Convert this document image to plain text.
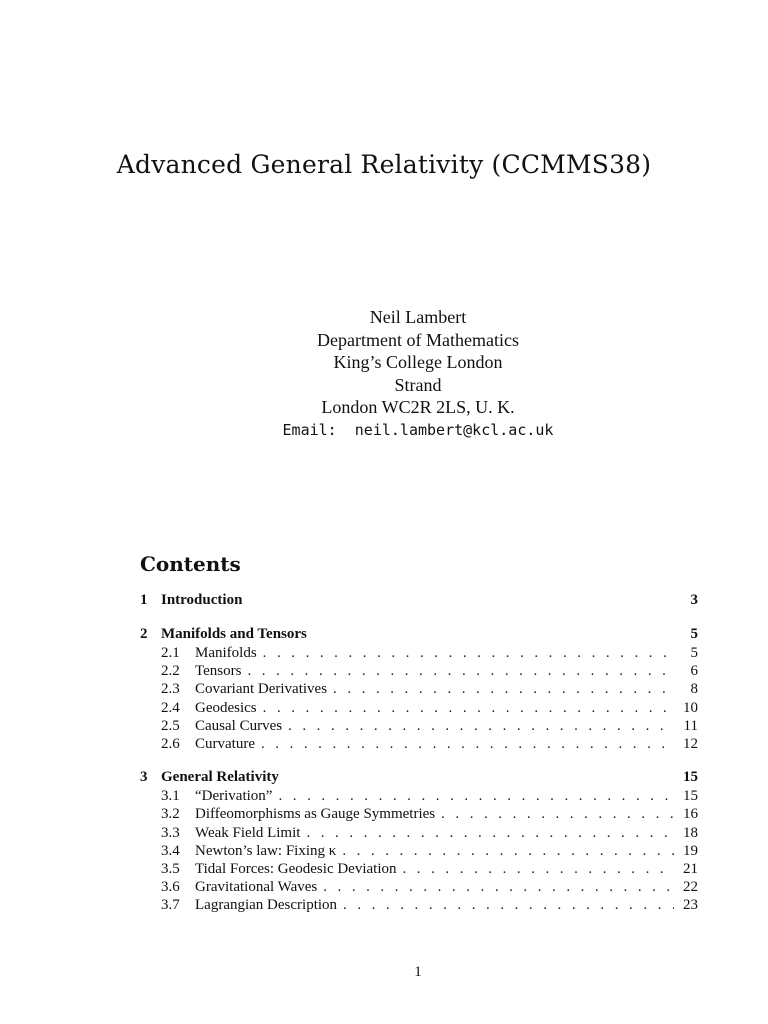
Advanced General Relativity (CCMMS38)
Neil Lambert
Department of Mathematics
King’s College London
Strand
London WC2R 2LS, U. K.
Email: neil.lambert@kcl.ac.uk
Contents
1 Introduction	3
2 Manifolds and Tensors	5
2.1	Manifolds . . .	5
2.2	Tensors . . .	6
2.3	Covariant Derivatives . . .	8
2.4	Geodesics . . .	10
2.5	Causal Curves . . .	11
2.6	Curvature . . .	12
3 General Relativity	15
3.1	“Derivation” . . .	15
3.2	Diffeomorphisms as Gauge Symmetries . . .	16
3.3	Weak Field Limit . . .	18
3.4	Newton’s law: Fixing κ . . .	19
3.5	Tidal Forces: Geodesic Deviation . . .	21
3.6	Gravitational Waves . . .	22
3.7	Lagrangian Description . . .	23
1
